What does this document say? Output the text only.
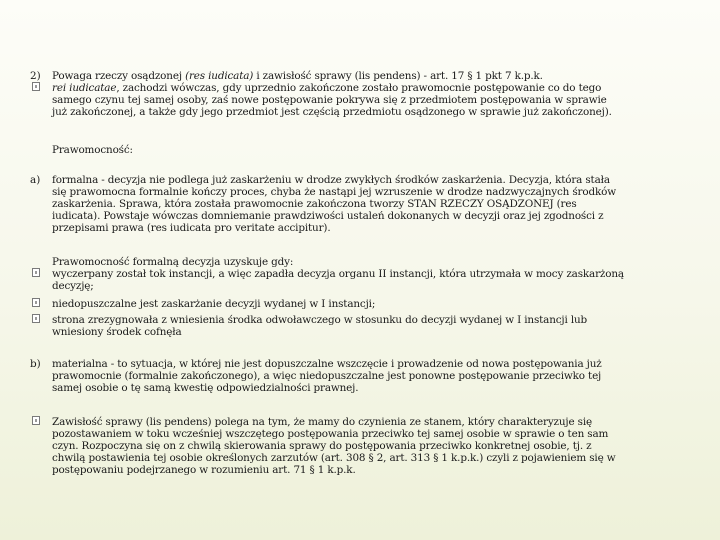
2) Powaga rzeczy osądzonej (res iudicata) i zawisłość sprawy (lis pendens) - art. 17 § 1 pkt 7 k.p.k.
rei iudicatae, zachodzi wówczas, gdy uprzednio zakończone zostało prawomocnie postępowanie co do tego
samego czynu tej samej osoby, zaś nowe postępowanie pokrywa się z przedmiotem postępowania w sprawie
już zakończonej, a także gdy jego przedmiot jest częścią przedmiotu osądzonego w sprawie już zakończonej).
Prawomocność:
a) formalna - decyzja nie podlega już zaskarżeniu w drodze zwykłych środków zaskarżenia. Decyzja, która stała
się prawomocna formalnie kończy proces, chyba że nastąpi jej wzruszenie w drodze nadzwyczajnych środków
zaskarżenia. Sprawa, która została prawomocnie zakończona tworzy STAN RZECZY OSĄDZONEJ (res
iudicata). Powstaje wówczas domniemanie prawdziwości ustaleń dokonanych w decyzji oraz jej zgodności z
przepisami prawa (res iudicata pro veritate accipitur).
Prawomocność formalną decyzja uzyskuje gdy:
wyczerpany został tok instancji, a więc zapadła decyzja organu II instancji, która utrzymała w mocy zaskarżoną
decyzję;
niedopuszczalne jest zaskarżanie decyzji wydanej w I instancji;
strona zrezygnowała z wniesienia środka odwoławczego w stosunku do decyzji wydanej w I instancji lub
wniesiony środek cofnęła
b) materialna - to sytuacja, w której nie jest dopuszczalne wszczęcie i prowadzenie od nowa postępowania już
prawomocnie (formalnie zakończonego), a więc niedopuszczalne jest ponowne postępowanie przeciwko tej
samej osobie o tę samą kwestię odpowiedzialności prawnej.
Zawisłość sprawy (lis pendens) polega na tym, że mamy do czynienia ze stanem, który charakteryzuje się
pozostawaniem w toku wcześniej wszczętego postępowania przeciwko tej samej osobie w sprawie o ten sam
czyn. Rozpoczyna się on z chwilą skierowania sprawy do postępowania przeciwko konkretnej osobie, tj. z
chwilą postawienia tej osobie określonych zarzutów (art. 308 § 2, art. 313 § 1 k.p.k.) czyli z pojawieniem się w
postępowaniu podejrzanego w rozumieniu art. 71 § 1 k.p.k.
